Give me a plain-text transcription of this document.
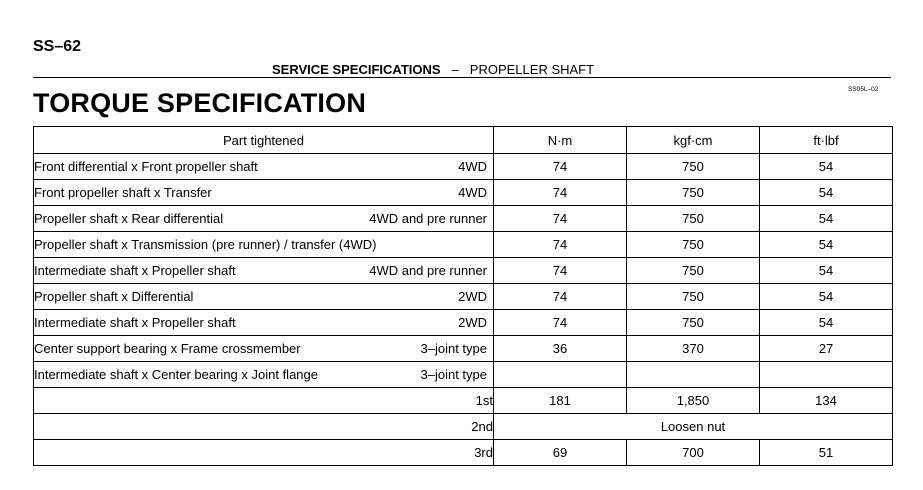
SS–62
SERVICE SPECIFICATIONS – PROPELLER SHAFT
SS05L–02
TORQUE SPECIFICATION
Part tightened	N·m	kgf·cm	ft·lbf

Front differential x Front propeller shaft 4WD	74	750	54

Front propeller shaft x Transfer 4WD	74	750	54

Propeller shaft x Rear differential 4WD and pre runner	74	750	54

Propeller shaft x Transmission (pre runner) / transfer (4WD)	74	750	54

Intermediate shaft x Propeller shaft 4WD and pre runner	74	750	54

Propeller shaft x Differential 2WD	74	750	54

Intermediate shaft x Propeller shaft 2WD	74	750	54

Center support bearing x Frame crossmember 3–joint type	36	370	27

Intermediate shaft x Center bearing x Joint flange 3–joint type			

1st	181	1,850	134
2nd	Loosen nut		
3rd	69	700	51
